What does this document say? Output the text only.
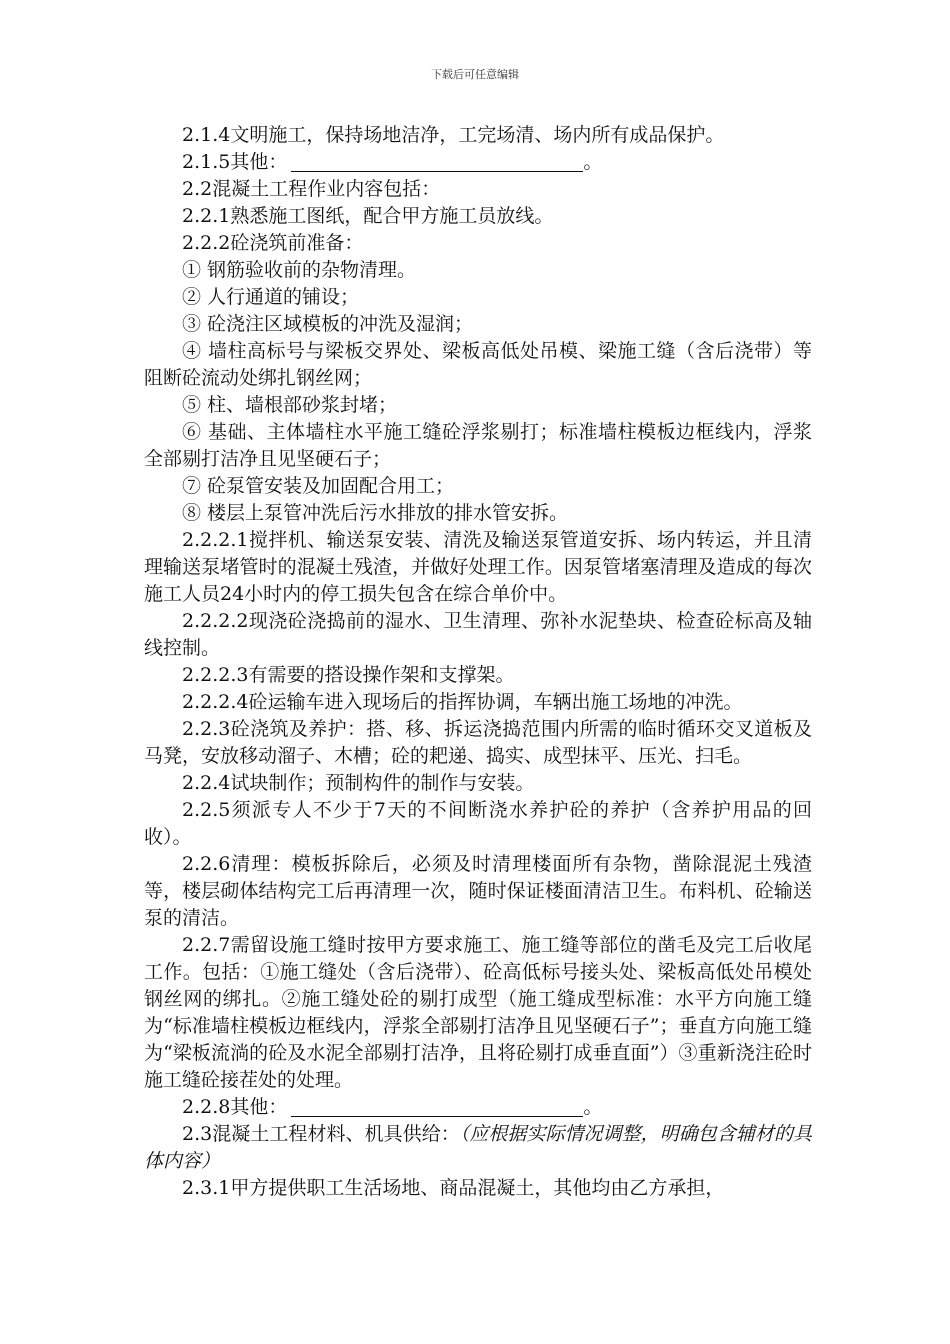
下载后可任意编辑

2.1.4文明施工，保持场地洁净，工完场清、场内所有成品保护。

2.1.5其他：	。

2.2混凝土工程作业内容包括：

2.2.1熟悉施工图纸，配合甲方施工员放线。

2.2.2砼浇筑前准备：

① 钢筋验收前的杂物清理。

② 人行通道的铺设；

③ 砼浇注区域模板的冲洗及湿润；

④ 墙柱高标号与梁板交界处、梁板高低处吊模、梁施工缝（含后浇带）等阻断砼流动处绑扎钢丝网；

⑤ 柱、墙根部砂浆封堵；

⑥ 基础、主体墙柱水平施工缝砼浮浆剔打；标准墙柱模板边框线内，浮浆全部剔打洁净且见坚硬石子；

⑦ 砼泵管安装及加固配合用工；

⑧ 楼层上泵管冲洗后污水排放的排水管安拆。

2.2.2.1搅拌机、输送泵安装、清洗及输送泵管道安拆、场内转运，并且清理输送泵堵管时的混凝土残渣，并做好处理工作。因泵管堵塞清理及造成的每次施工人员24小时内的停工损失包含在综合单价中。

2.2.2.2现浇砼浇捣前的湿水、卫生清理、弥补水泥垫块、检查砼标高及轴线控制。

2.2.2.3有需要的搭设操作架和支撑架。

2.2.2.4砼运输车进入现场后的指挥协调，车辆出施工场地的冲洗。

2.2.3砼浇筑及养护：搭、移、拆运浇捣范围内所需的临时循环交叉道板及马凳，安放移动溜子、木槽；砼的耙递、捣实、成型抹平、压光、扫毛。

2.2.4试块制作；预制构件的制作与安装。

2.2.5须派专人不少于7天的不间断浇水养护砼的养护（含养护用品的回收）。

2.2.6清理：模板拆除后，必须及时清理楼面所有杂物，凿除混泥土残渣等，楼层砌体结构完工后再清理一次，随时保证楼面清洁卫生。布料机、砼输送泵的清洁。

2.2.7需留设施工缝时按甲方要求施工、施工缝等部位的凿毛及完工后收尾工作。包括：①施工缝处（含后浇带）、砼高低标号接头处、梁板高低处吊模处钢丝网的绑扎。②施工缝处砼的剔打成型（施工缝成型标准：水平方向施工缝为“标准墙柱模板边框线内，浮浆全部剔打洁净且见坚硬石子”；垂直方向施工缝为“梁板流淌的砼及水泥全部剔打洁净，且将砼剔打成垂直面”）③重新浇注砼时施工缝砼接茬处的处理。

2.2.8其他：	。

2.3混凝土工程材料、机具供给：（应根据实际情况调整，明确包含辅材的具体内容）

2.3.1甲方提供职工生活场地、商品混凝土，其他均由乙方承担，
